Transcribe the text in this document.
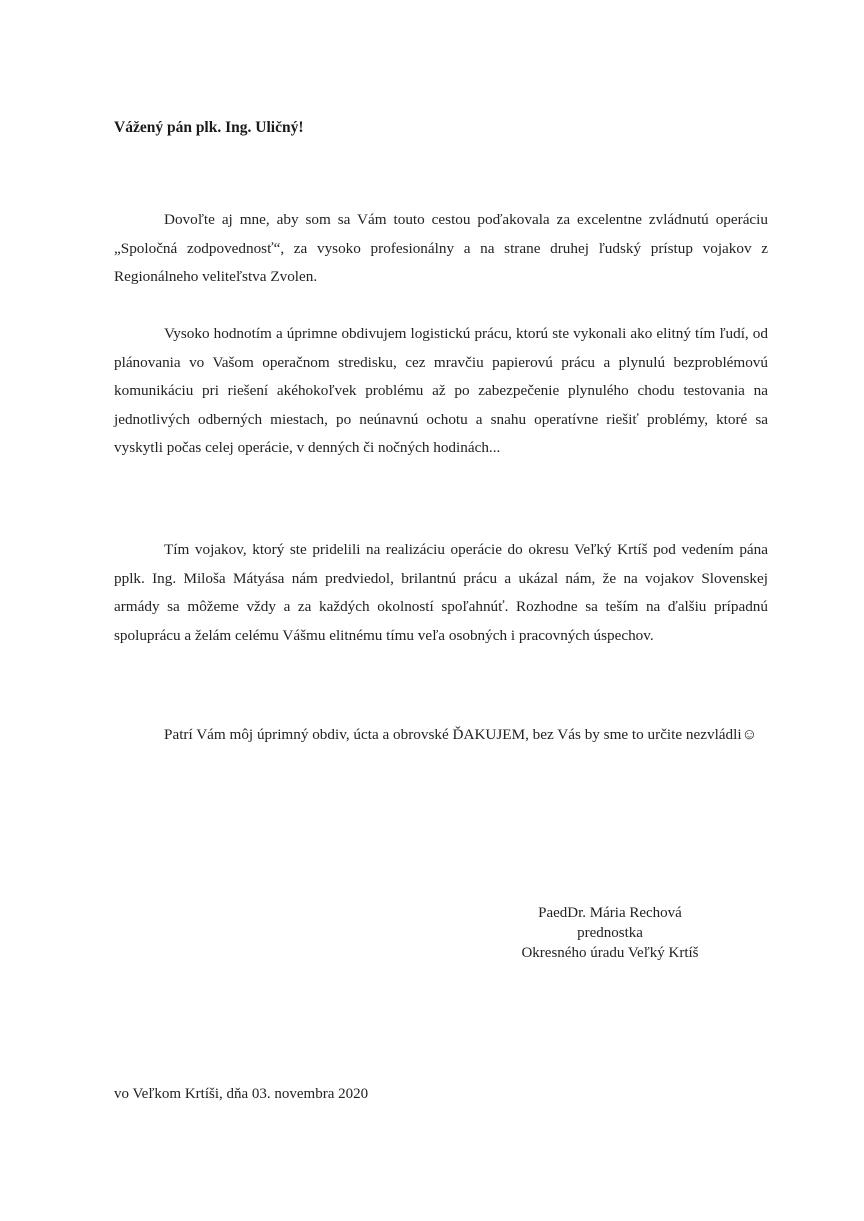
Vážený pán plk. Ing. Uličný!

Dovoľte aj mne, aby som sa Vám touto cestou poďakovala za excelentne zvládnutú operáciu „Spoločná zodpovednosť“, za vysoko profesionálny a na strane druhej ľudský prístup vojakov z Regionálneho veliteľstva Zvolen.

Vysoko hodnotím a úprimne obdivujem logistickú prácu, ktorú ste vykonali ako elitný tím ľudí, od plánovania vo Vašom operačnom stredisku, cez mravčiu papierovú prácu a plynulú bezproblémovú komunikáciu pri riešení akéhokoľvek problému až po zabezpečenie plynulého chodu testovania na jednotlivých odberných miestach, po neúnavnú ochotu a snahu operatívne riešiť problémy, ktoré sa vyskytli počas celej operácie, v denných či nočných hodinách...

Tím vojakov, ktorý ste pridelili na realizáciu operácie do okresu Veľký Krtíš pod vedením pána pplk. Ing. Miloša Mátyása nám predviedol, brilantnú prácu a ukázal nám, že na vojakov Slovenskej armády sa môžeme vždy a za každých okolností spoľahnúť. Rozhodne sa teším na ďalšiu prípadnú spoluprácu a želám celému Vášmu elitnému tímu veľa osobných i pracovných úspechov.

Patrí Vám môj úprimný obdiv, úcta a obrovské ĎAKUJEM, bez Vás by sme to určite nezvládli☺

PaedDr. Mária Rechová
prednostka
Okresného úradu Veľký Krtíš
vo Veľkom Krtíši, dňa 03. novembra 2020
